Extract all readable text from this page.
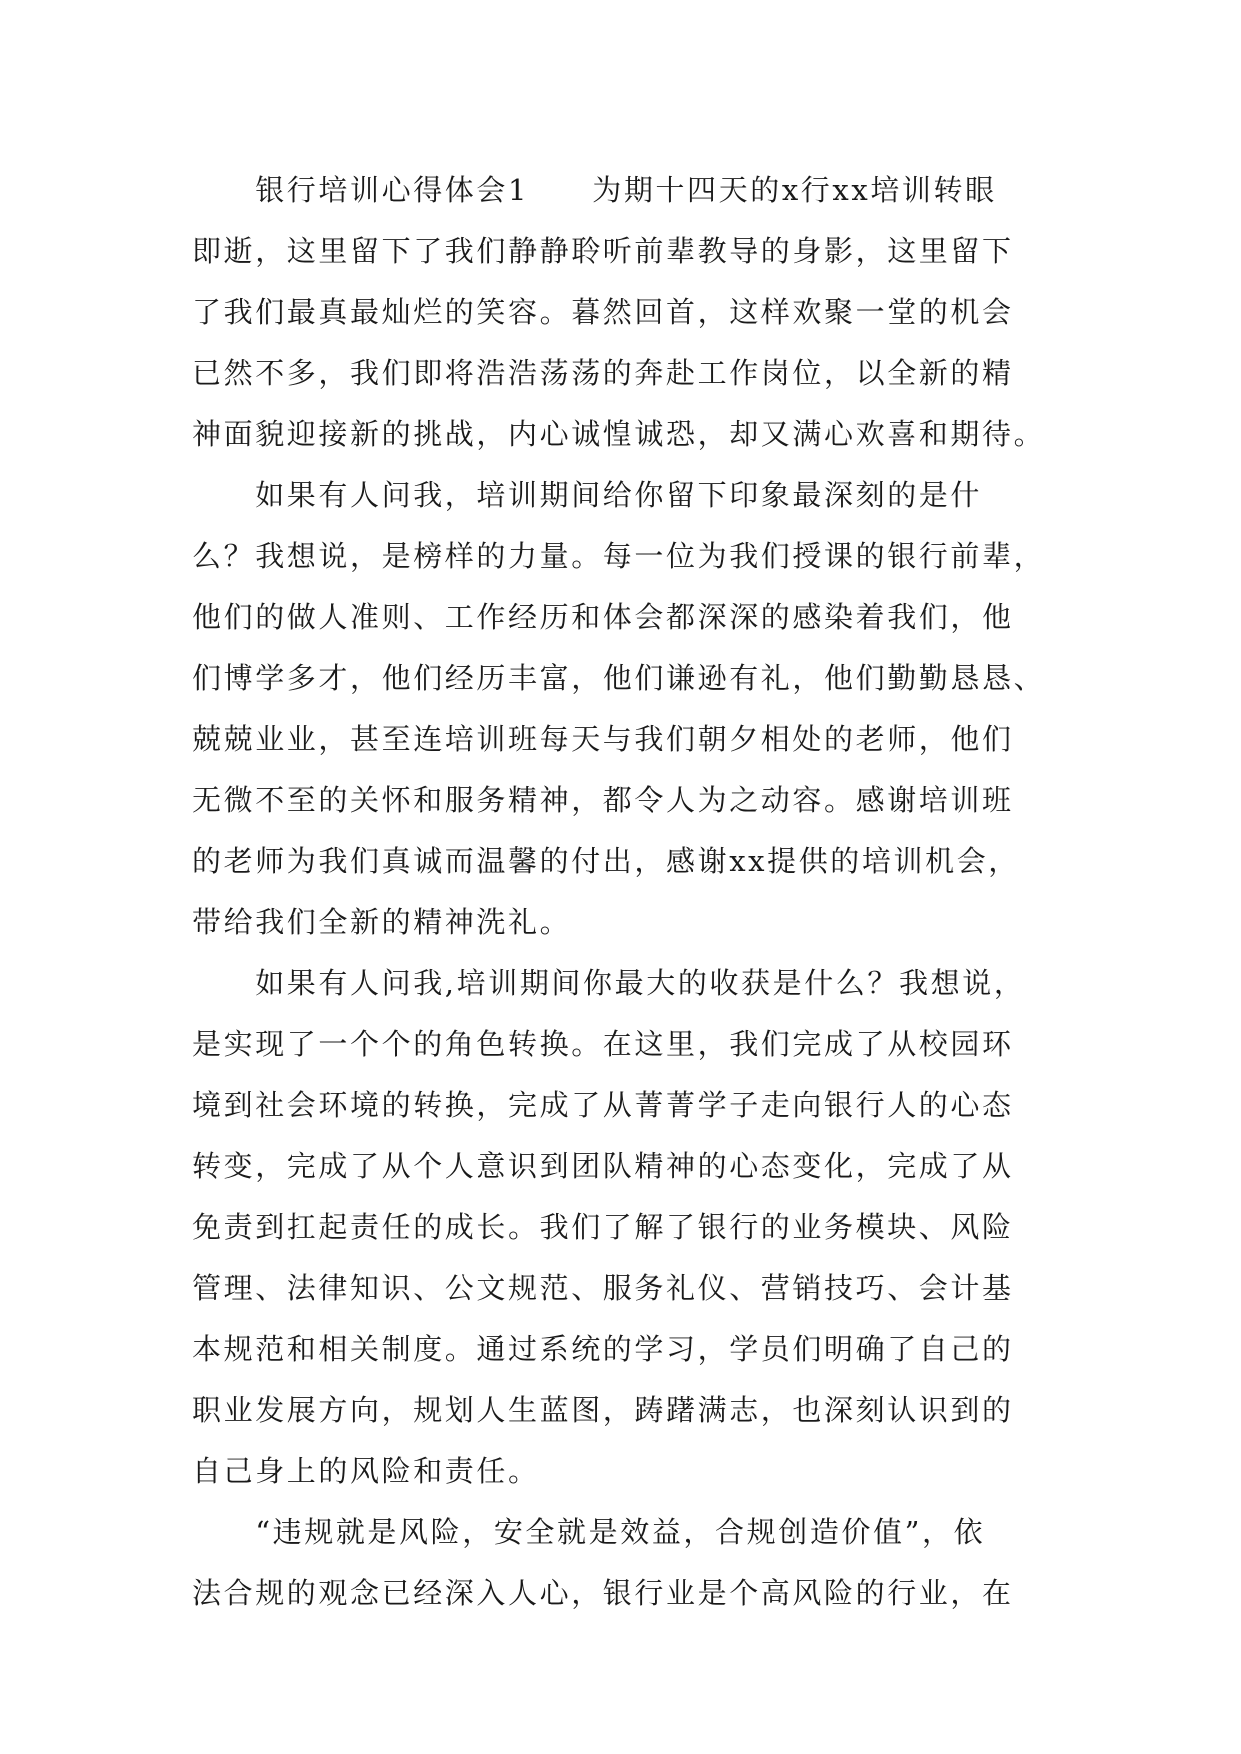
　　银行培训心得体会1　　为期十四天的x行xx培训转眼
即逝，这里留下了我们静静聆听前辈教导的身影，这里留下
了我们最真最灿烂的笑容。暮然回首，这样欢聚一堂的机会
已然不多，我们即将浩浩荡荡的奔赴工作岗位，以全新的精
神面貌迎接新的挑战，内心诚惶诚恐，却又满心欢喜和期待。
　　如果有人问我，培训期间给你留下印象最深刻的是什
么？我想说，是榜样的力量。每一位为我们授课的银行前辈，
他们的做人准则、工作经历和体会都深深的感染着我们，他
们博学多才，他们经历丰富，他们谦逊有礼，他们勤勤恳恳、
兢兢业业，甚至连培训班每天与我们朝夕相处的老师，他们
无微不至的关怀和服务精神，都令人为之动容。感谢培训班
的老师为我们真诚而温馨的付出，感谢xx提供的培训机会，
带给我们全新的精神洗礼。
　　如果有人问我,培训期间你最大的收获是什么？我想说，
是实现了一个个的角色转换。在这里，我们完成了从校园环
境到社会环境的转换，完成了从菁菁学子走向银行人的心态
转变，完成了从个人意识到团队精神的心态变化，完成了从
免责到扛起责任的成长。我们了解了银行的业务模块、风险
管理、法律知识、公文规范、服务礼仪、营销技巧、会计基
本规范和相关制度。通过系统的学习，学员们明确了自己的
职业发展方向，规划人生蓝图，踌躇满志，也深刻认识到的
自己身上的风险和责任。
　　“违规就是风险，安全就是效益，合规创造价值”，依
法合规的观念已经深入人心，银行业是个高风险的行业，在
